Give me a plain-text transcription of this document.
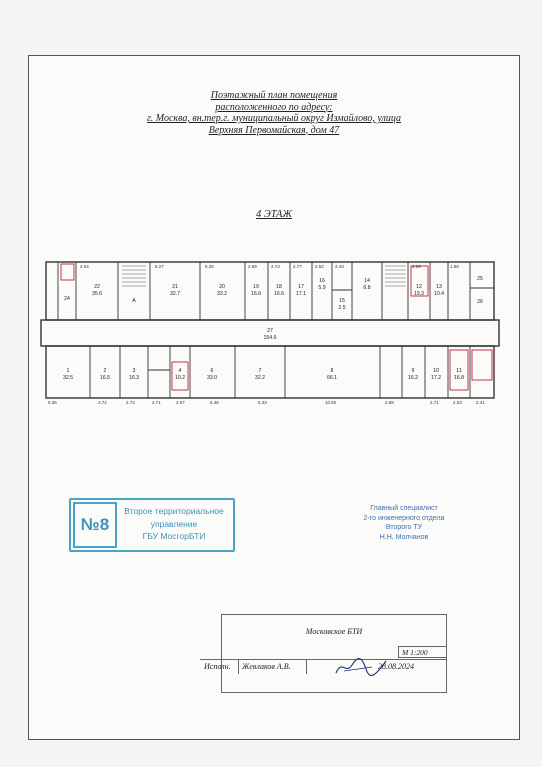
Поэтажный план помещения
расположенного по адресу:
г. Москва, вн.тер.г. муниципальный округ Измайлово, улица
Верхняя Первомайская, дом 47
4 ЭТАЖ
4.04	5.27	5.35	2.69	2.73	2.77	2.62 2.43	2.09	1.88
5.36	2.72	2.72	2.71	2.07	5.46	5.33	10.60	2.68	2.71	2.63	2.41
22
35.6
A
21
32.7
20
33.2
19
16.6
18
16.6
17
17.1
16
5.9
15
2.5
14
6.8	12
19.3
13
10.4
25
26
24
27
154.6
1
32.5
2
16.5
3
16.3
4
10.2
6
33.0
7
32.2
8
66.1
9
16.2
10
17.2
11
16.8
№8
Второе территориальное
управление
ГБУ МосгорБТИ
Главный специалист
2-го инженерного отдела
Второго ТУ
Н.Н. Молчанов
Московское БТИ
М 1:200
Исполн. Жевлаков А.В.	28.08.2024
